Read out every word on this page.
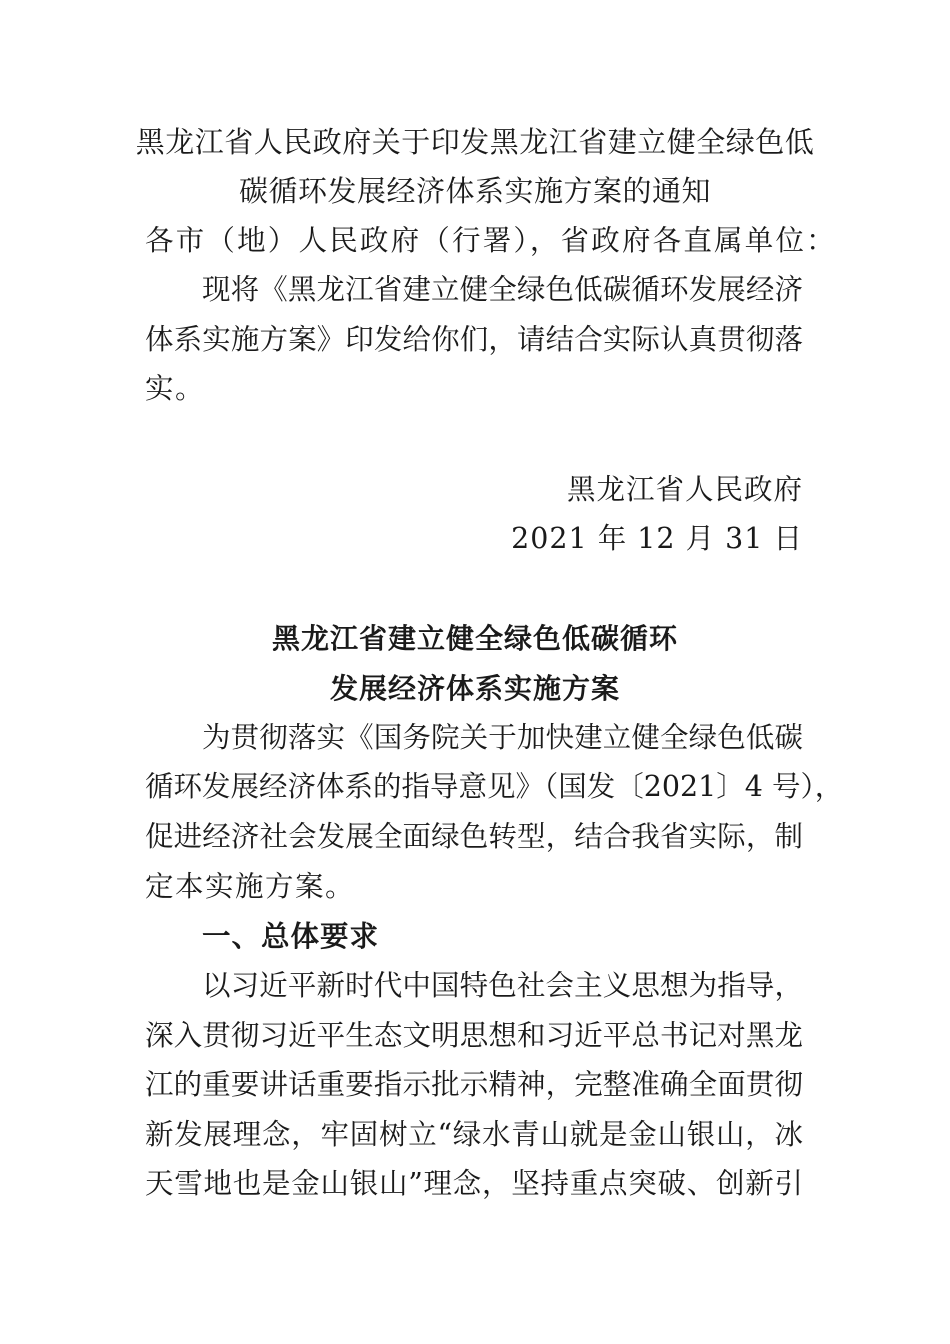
黑龙江省人民政府关于印发黑龙江省建立健全绿色低
碳循环发展经济体系实施方案的通知
各市（地）人民政府（行署），省政府各直属单位：
现将《黑龙江省建立健全绿色低碳循环发展经济
体系实施方案》印发给你们，请结合实际认真贯彻落
实。
黑龙江省人民政府
2021 年 12 月 31 日
黑龙江省建立健全绿色低碳循环
发展经济体系实施方案
为贯彻落实《国务院关于加快建立健全绿色低碳
循环发展经济体系的指导意见》（国发〔2021〕4 号），
促进经济社会发展全面绿色转型，结合我省实际，制
定本实施方案。
一、总体要求
以习近平新时代中国特色社会主义思想为指导，
深入贯彻习近平生态文明思想和习近平总书记对黑龙
江的重要讲话重要指示批示精神，完整准确全面贯彻
新发展理念，牢固树立“绿水青山就是金山银山，冰
天雪地也是金山银山”理念，坚持重点突破、创新引
